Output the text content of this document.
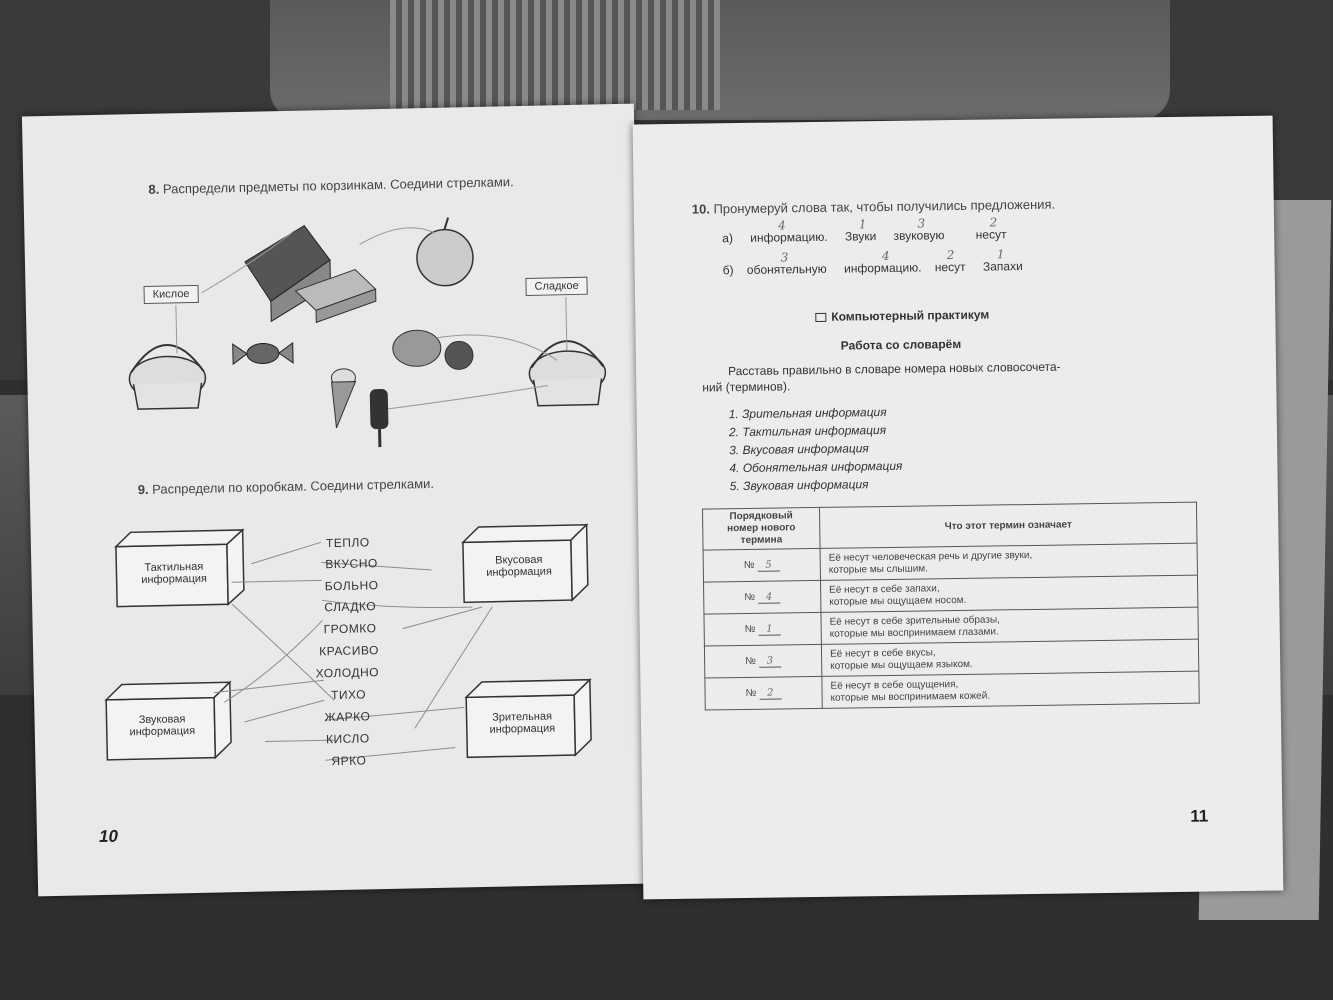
8. Распредели предметы по корзинкам. Соедини стрелками.
Кислое
Сладкое
9. Распредели по коробкам. Соедини стрелками.
Тактильная информация
Вкусовая информация
Звуковая информация
Зрительная информация
ТЕПЛО
ВКУСНО
БОЛЬНО
СЛАДКО
ГРОМКО
КРАСИВО
ХОЛОДНО
ТИХО
ЖАРКО
КИСЛО
ЯРКО
10
10. Пронумеруй слова так, чтобы получились предложения.
а)
4
информацию.
1
Звуки
3
звуковую
2
несут
б)
3
обонятельную
4
информацию.
2
несут
1
Запахи
Компьютерный практикум
Работа со словарём
Расставь правильно в словаре номера новых словосочета-
ний (терминов).
1. Зрительная информация
2. Тактильная информация
3. Вкусовая информация
4. Обонятельная информация
5. Звуковая информация
Порядковый
номер нового
термина	Что этот термин означает
№ 5	Её несут человеческая речь и другие звуки,
которые мы слышим.
№ 4	Её несут в себе запахи,
которые мы ощущаем носом.
№ 1	Её несут в себе зрительные образы,
которые мы воспринимаем глазами.
№ 3	Её несут в себе вкусы,
которые мы ощущаем языком.
№ 2	Её несут в себе ощущения,
которые мы воспринимаем кожей.
11
